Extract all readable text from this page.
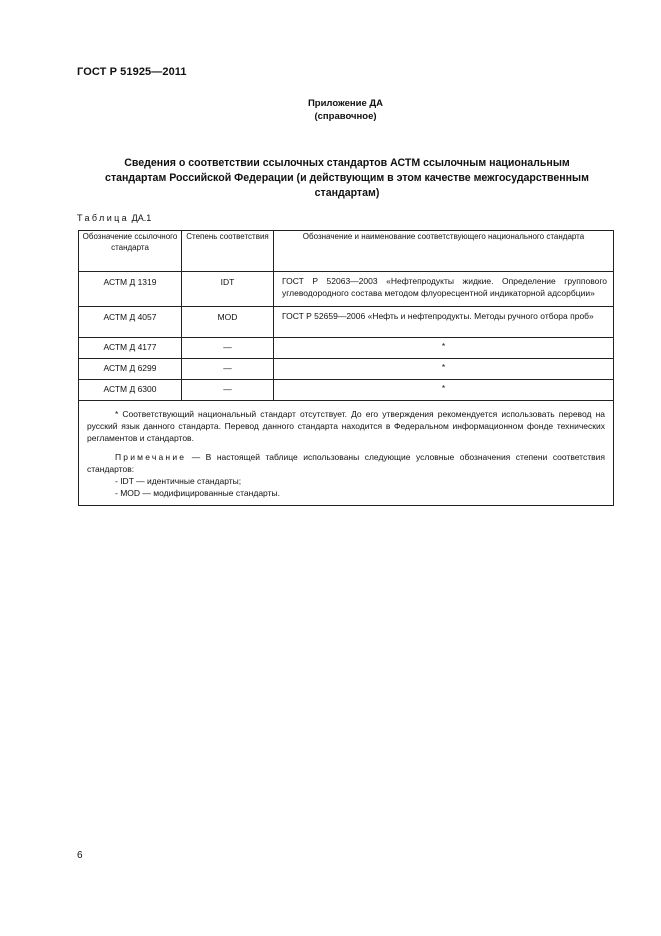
ГОСТ Р 51925—2011
Приложение ДА
(справочное)
Сведения о соответствии ссылочных стандартов АСТМ ссылочным национальным
стандартам Российской Федерации (и действующим в этом качестве межгосударственным
стандартам)
Таблица ДА.1
Обозначение ссылочного стандарта	Степень соответствия	Обозначение и наименование соответствующего национального стандарта
АСТМ Д 1319	IDT	ГОСТ Р 52063—2003 «Нефтепродукты жидкие. Определение группового углеводородного состава методом флуоресцентной индикаторной адсорбции»
АСТМ Д 4057	MOD	ГОСТ Р 52659—2006 «Нефть и нефтепродукты. Методы ручного отбора проб»
АСТМ Д 4177	—	*
АСТМ Д 6299	—	*
АСТМ Д 6300	—	*

* Соответствующий национальный стандарт отсутствует. До его утверждения рекомендуется использовать перевод на русский язык данного стандарта. Перевод данного стандарта находится в Федеральном информационном фонде технических регламентов и стандартов.

Примечание — В настоящей таблице использованы следующие условные обозначения степени соответствия стандартов:

- IDT — идентичные стандарты;

- MOD — модифицированные стандарты.		

6
